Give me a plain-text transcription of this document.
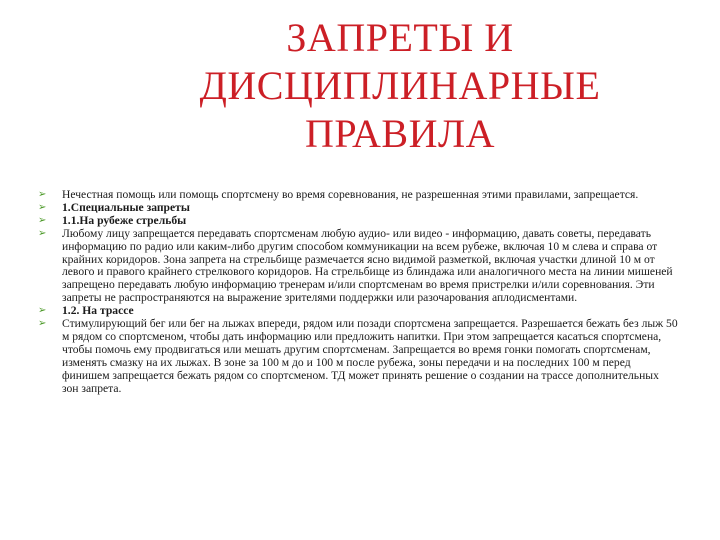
ЗАПРЕТЫ И
ДИСЦИПЛИНАРНЫЕ
ПРАВИЛА
➢ Нечестная помощь или помощь спортсмену во время соревнования, не разрешенная этими правилами, запрещается.
➢ 1.Специальные запреты
➢ 1.1.На рубеже стрельбы
➢ Любому лицу запрещается передавать спортсменам любую аудио- или видео - информацию, давать советы, передавать информацию по радио или каким-либо другим способом коммуникации на всем рубеже, включая 10 м слева и справа от крайних коридоров. Зона запрета на стрельбище размечается ясно видимой разметкой, включая участки длиной 10 м от левого и правого крайнего стрелкового коридоров. На стрельбище из блиндажа или аналогичного места на линии мишеней запрещено передавать любую информацию тренерам и/или спортсменам во время пристрелки и/или соревнования. Эти запреты не распространяются на выражение зрителями поддержки или разочарования аплодисментами.
➢ 1.2. На трассе
➢ Стимулирующий бег или бег на лыжах впереди, рядом или позади спортсмена запрещается. Разрешается бежать без лыж 50 м рядом со спортсменом, чтобы дать информацию или предложить напитки. При этом запрещается касаться спортсмена, чтобы помочь ему продвигаться или мешать другим спортсменам. Запрещается во время гонки помогать спортсменам, изменять смазку на их лыжах. В зоне за 100 м до и 100 м после рубежа, зоны передачи и на последних 100 м перед финишем запрещается бежать рядом со спортсменом. ТД может принять решение о создании на трассе дополнительных зон запрета.
